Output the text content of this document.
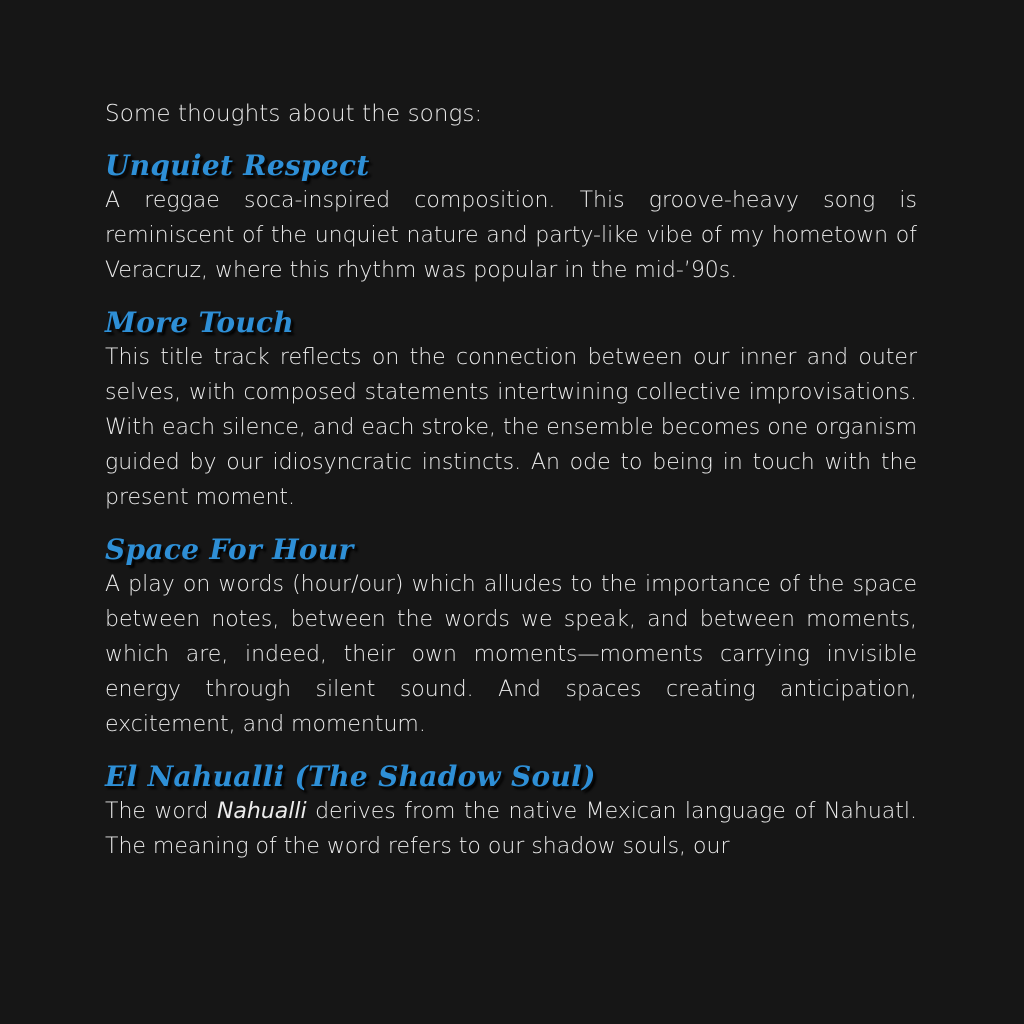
Some thoughts about the songs:

Unquiet Respect

A reggae soca-inspired composition. This groove-heavy song is reminiscent of the unquiet nature and party-like vibe of my hometown of Veracruz, where this rhythm was popular in the mid-’90s.

More Touch

This title track reflects on the connection between our inner and outer selves, with composed statements intertwining collective improvisations. With each silence, and each stroke, the ensemble becomes one organism guided by our idiosyncratic instincts. An ode to being in touch with the present moment.

Space For Hour

A play on words (hour/our) which alludes to the importance of the space between notes, between the words we speak, and between moments, which are, indeed, their own moments—moments carrying invisible energy through silent sound. And spaces creating anticipation, excitement, and momentum.

El Nahualli (The Shadow Soul)

The word Nahualli derives from the native Mexican language of Nahuatl. The meaning of the word refers to our shadow souls, our
